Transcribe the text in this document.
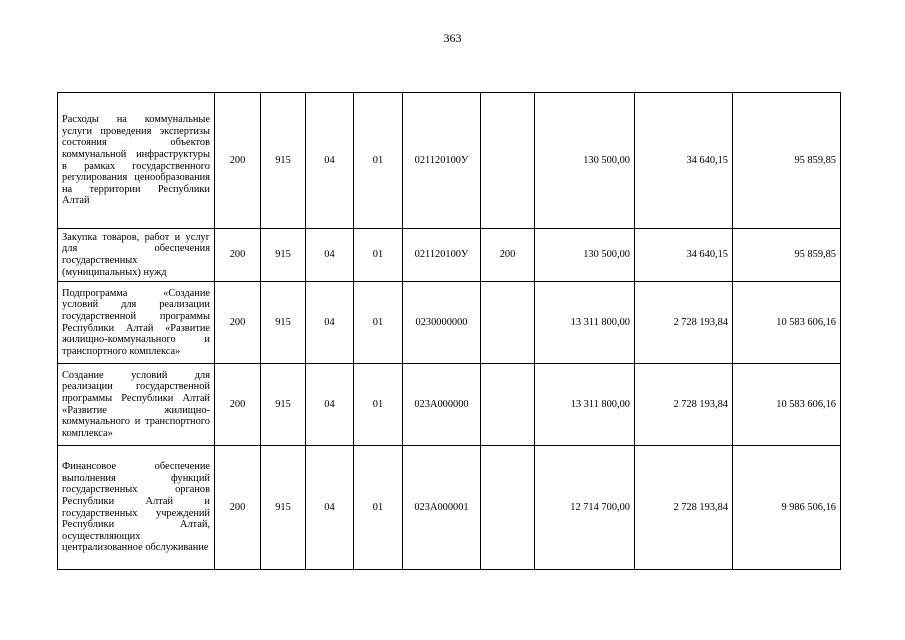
363
Расходы на коммунальные услуги проведения экспертизы состояния объектов коммунальной инфраструктуры в рамках государственного регулирования ценообразования на территории Республики Алтай	200	915	04	01	021120100У		130 500,00	34 640,15	95 859,85
Закупка товаров, работ и услуг для обеспечения государственных (муниципальных) нужд	200	915	04	01	021120100У	200	130 500,00	34 640,15	95 859,85
Подпрограмма «Создание условий для реализации государственной программы Республики Алтай «Развитие жилищно-коммунального и транспортного комплекса»	200	915	04	01	0230000000		13 311 800,00	2 728 193,84	10 583 606,16
Создание условий для реализации государственной программы Республики Алтай «Развитие жилищно-коммунального и транспортного комплекса»	200	915	04	01	023А000000		13 311 800,00	2 728 193,84	10 583 606,16
Финансовое обеспечение выполнения функций государственных органов Республики Алтай и государственных учреждений Республики Алтай, осуществляющих централизованное обслуживание	200	915	04	01	023А000001		12 714 700,00	2 728 193,84	9 986 506,16
